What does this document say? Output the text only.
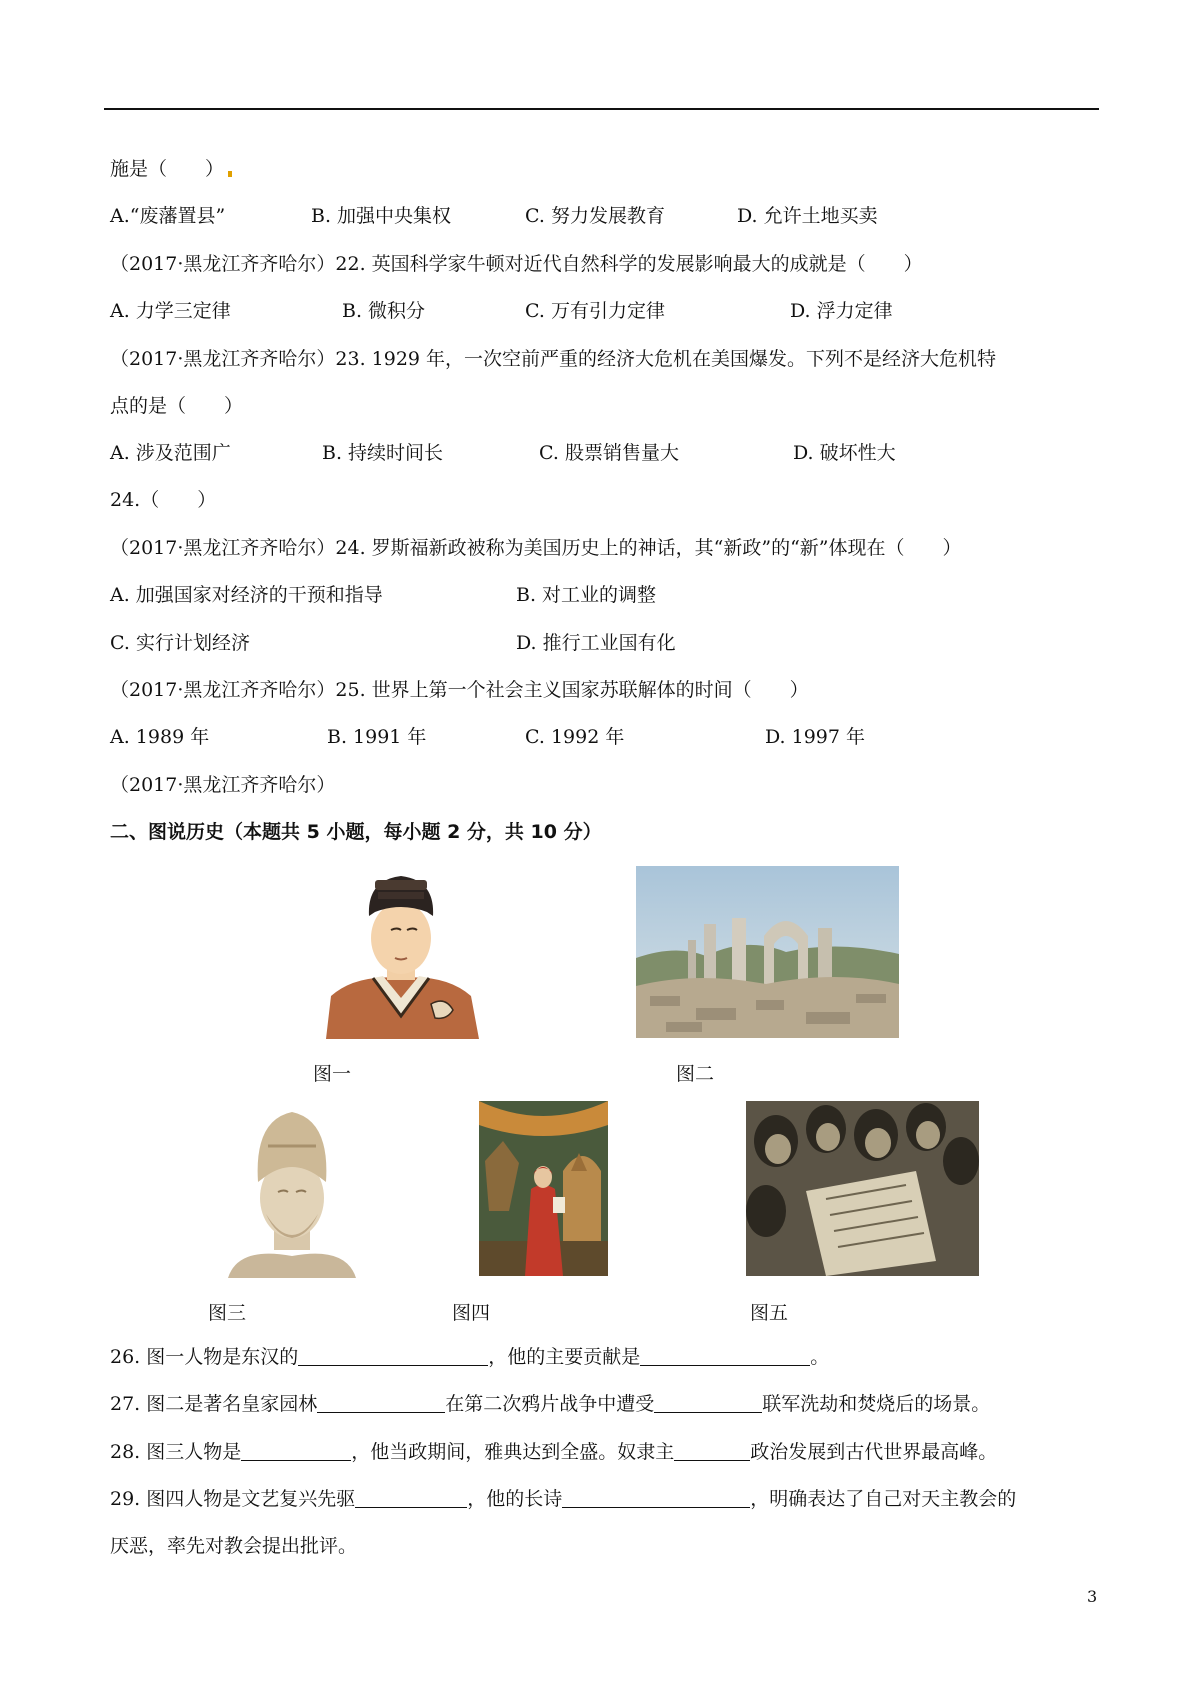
施是（　　）
A.“废藩置县”	B. 加强中央集权	C. 努力发展教育	D. 允许土地买卖
（2017·黑龙江齐齐哈尔）22. 英国科学家牛顿对近代自然科学的发展影响最大的成就是（　　）
A. 力学三定律	B. 微积分	C. 万有引力定律	D. 浮力定律
（2017·黑龙江齐齐哈尔）23. 1929 年，一次空前严重的经济大危机在美国爆发。下列不是经济大危机特
点的是（　　）
A. 涉及范围广	B. 持续时间长	C. 股票销售量大	D. 破坏性大
24.（　　）
（2017·黑龙江齐齐哈尔）24. 罗斯福新政被称为美国历史上的神话，其“新政”的“新”体现在（　　）
A. 加强国家对经济的干预和指导	B. 对工业的调整
C. 实行计划经济	D. 推行工业国有化
（2017·黑龙江齐齐哈尔）25. 世界上第一个社会主义国家苏联解体的时间（　　）
A. 1989 年	B. 1991 年	C. 1992 年	D. 1997 年
（2017·黑龙江齐齐哈尔）
二、图说历史（本题共 5 小题，每小题 2 分，共 10 分）
图一	图二
图三	图四	图五
26. 图一人物是东汉的	，他的主要贡献是	。
27. 图二是著名皇家园林	在第二次鸦片战争中遭受	联军洗劫和焚烧后的场景。
28. 图三人物是	，他当政期间，雅典达到全盛。奴隶主	政治发展到古代世界最高峰。
29. 图四人物是文艺复兴先驱	，他的长诗	，明确表达了自己对天主教会的
厌恶，率先对教会提出批评。
3
